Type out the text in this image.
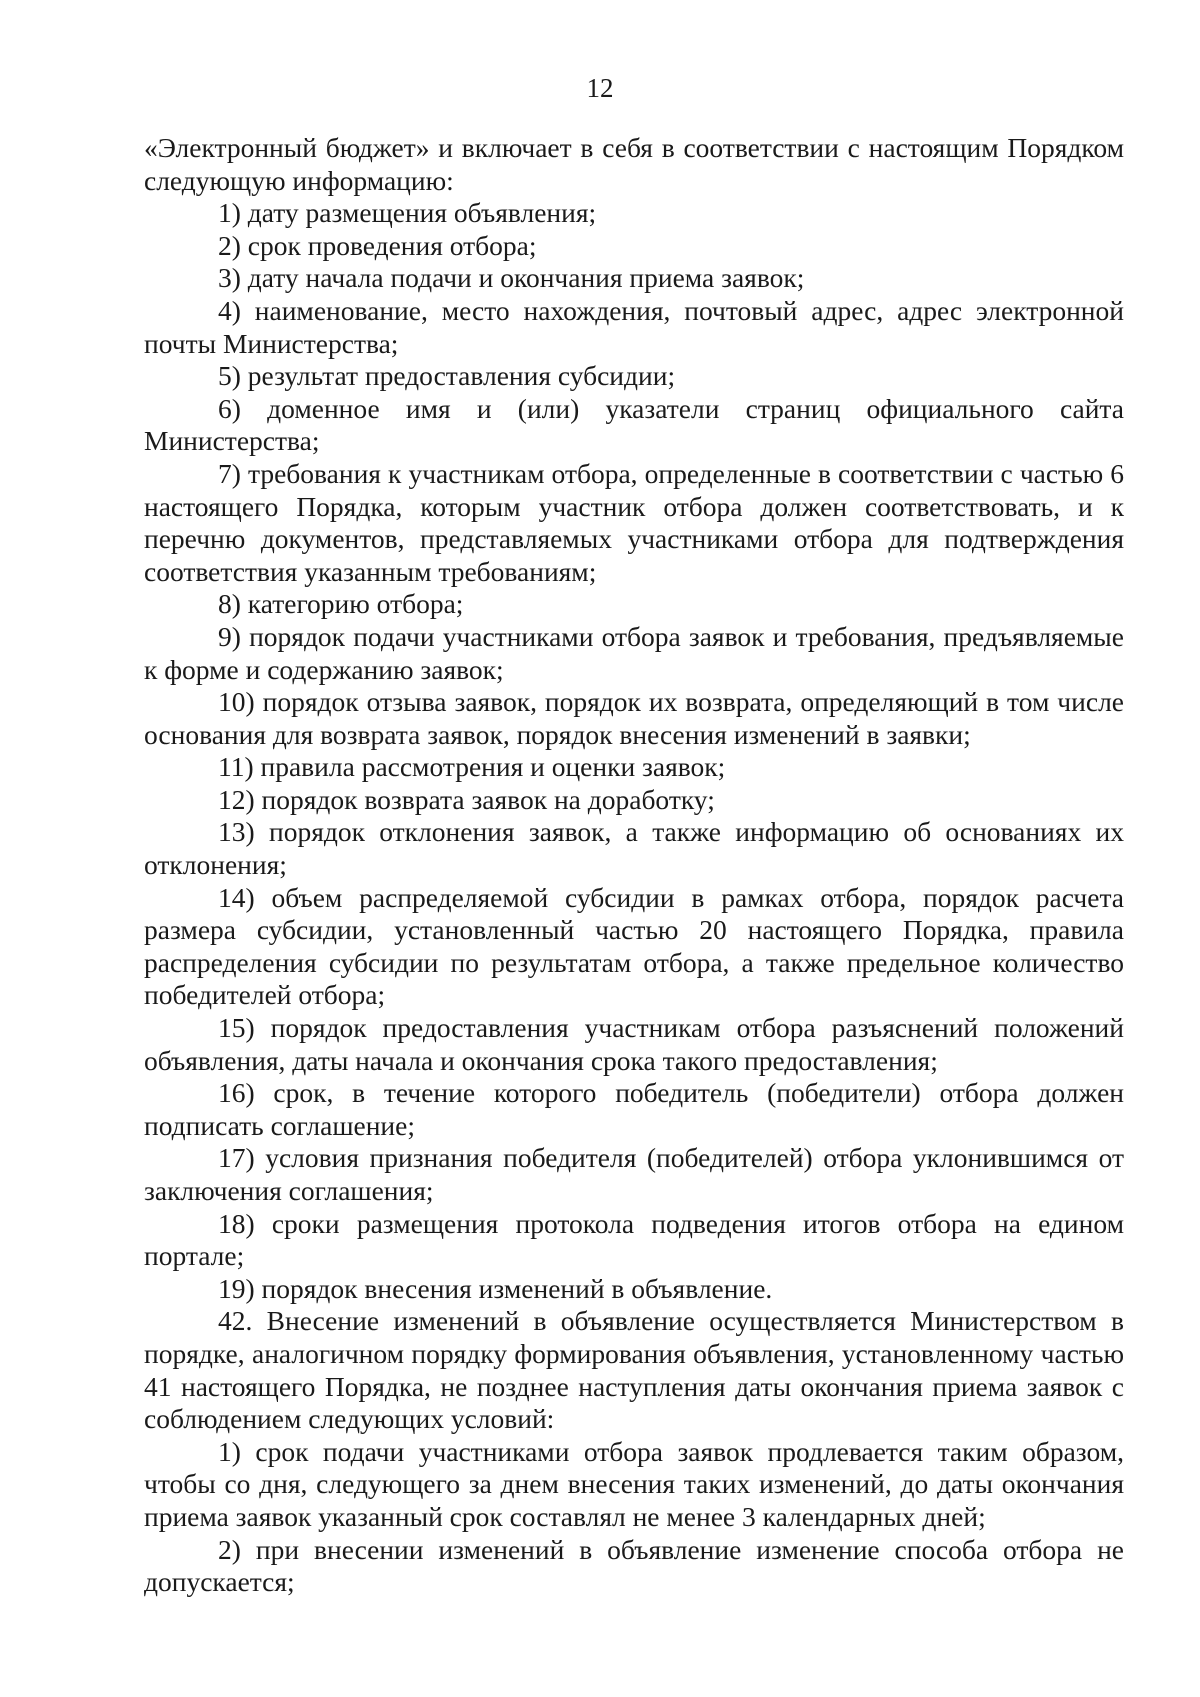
12

«Электронный бюджет» и включает в себя в соответствии с настоящим Порядком следующую информацию:

1) дату размещения объявления;

2) срок проведения отбора;

3) дату начала подачи и окончания приема заявок;

4) наименование, место нахождения, почтовый адрес, адрес электронной почты Министерства;

5) результат предоставления субсидии;

6) доменное имя и (или) указатели страниц официального сайта Министерства;

7) требования к участникам отбора, определенные в соответствии с частью 6 настоящего Порядка, которым участник отбора должен соответствовать, и к перечню документов, представляемых участниками отбора для подтверждения соответствия указанным требованиям;

8) категорию отбора;

9) порядок подачи участниками отбора заявок и требования, предъявляемые к форме и содержанию заявок;

10) порядок отзыва заявок, порядок их возврата, определяющий в том числе основания для возврата заявок, порядок внесения изменений в заявки;

11) правила рассмотрения и оценки заявок;

12) порядок возврата заявок на доработку;

13) порядок отклонения заявок, а также информацию об основаниях их отклонения;

14) объем распределяемой субсидии в рамках отбора, порядок расчета размера субсидии, установленный частью 20 настоящего Порядка, правила распределения субсидии по результатам отбора, а также предельное количество победителей отбора;

15) порядок предоставления участникам отбора разъяснений положений объявления, даты начала и окончания срока такого предоставления;

16) срок, в течение которого победитель (победители) отбора должен подписать соглашение;

17) условия признания победителя (победителей) отбора уклонившимся от заключения соглашения;

18) сроки размещения протокола подведения итогов отбора на едином портале;

19) порядок внесения изменений в объявление.

42. Внесение изменений в объявление осуществляется Министерством в порядке, аналогичном порядку формирования объявления, установленному частью 41 настоящего Порядка, не позднее наступления даты окончания приема заявок с соблюдением следующих условий:

1) срок подачи участниками отбора заявок продлевается таким образом, чтобы со дня, следующего за днем внесения таких изменений, до даты окончания приема заявок указанный срок составлял не менее 3 календарных дней;

2) при внесении изменений в объявление изменение способа отбора не допускается;
